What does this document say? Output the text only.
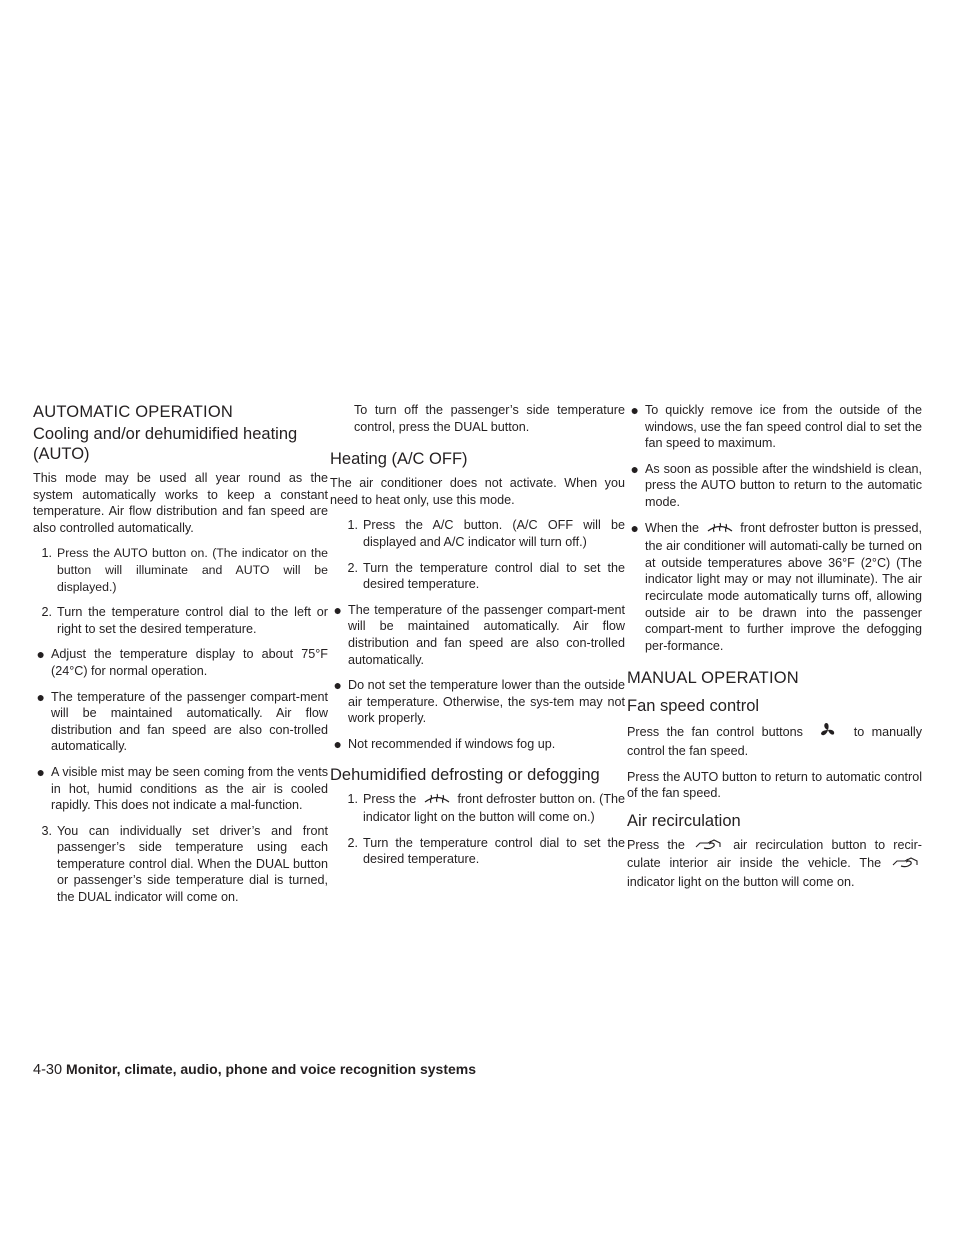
AUTOMATIC OPERATION
Cooling and/or dehumidified heating (AUTO)

This mode may be used all year round as the system automatically works to keep a constant temperature. Air flow distribution and fan speed are also controlled automatically.

1. Press the AUTO button on. (The indicator on the button will illuminate and AUTO will be displayed.)
2. Turn the temperature control dial to the left or right to set the desired temperature.
● Adjust the temperature display to about 75°F (24°C) for normal operation.
● The temperature of the passenger compart-ment will be maintained automatically. Air flow distribution and fan speed are also con-trolled automatically.
● A visible mist may be seen coming from the vents in hot, humid conditions as the air is cooled rapidly. This does not indicate a mal-function.
3. You can individually set driver’s and front passenger’s side temperature using each temperature control dial. When the DUAL button or passenger’s side temperature dial is turned, the DUAL indicator will come on.

To turn off the passenger’s side temperature control, press the DUAL button.

Heating (A/C OFF)

The air conditioner does not activate. When you need to heat only, use this mode.

1. Press the A/C button. (A/C OFF will be displayed and A/C indicator will turn off.)
2. Turn the temperature control dial to set the desired temperature.
● The temperature of the passenger compart-ment will be maintained automatically. Air flow distribution and fan speed are also con-trolled automatically.
● Do not set the temperature lower than the outside air temperature. Otherwise, the sys-tem may not work properly.
● Not recommended if windows fog up.
Dehumidified defrosting or defogging
1. Press the	front defroster button on. (The indicator light on the button will come on.)
2. Turn the temperature control dial to set the desired temperature.
● To quickly remove ice from the outside of the windows, use the fan speed control dial to set the fan speed to maximum.
● As soon as possible after the windshield is clean, press the AUTO button to return to the automatic mode.
● When the	front defroster button is pressed, the air conditioner will automati-cally be turned on at outside temperatures above 36°F (2°C) (The indicator light may or may not illuminate). The air recirculate mode automatically turns off, allowing outside air to be drawn into the passenger compart-ment to further improve the defogging per-formance.
MANUAL OPERATION
Fan speed control

Press the fan control buttons	to manually control the fan speed.

Press the AUTO button to return to automatic control of the fan speed.

Air recirculation

Press the	air recirculation button to recir-culate interior air inside the vehicle. The  indicator light on the button will come on.

4-30 Monitor, climate, audio, phone and voice recognition systems
